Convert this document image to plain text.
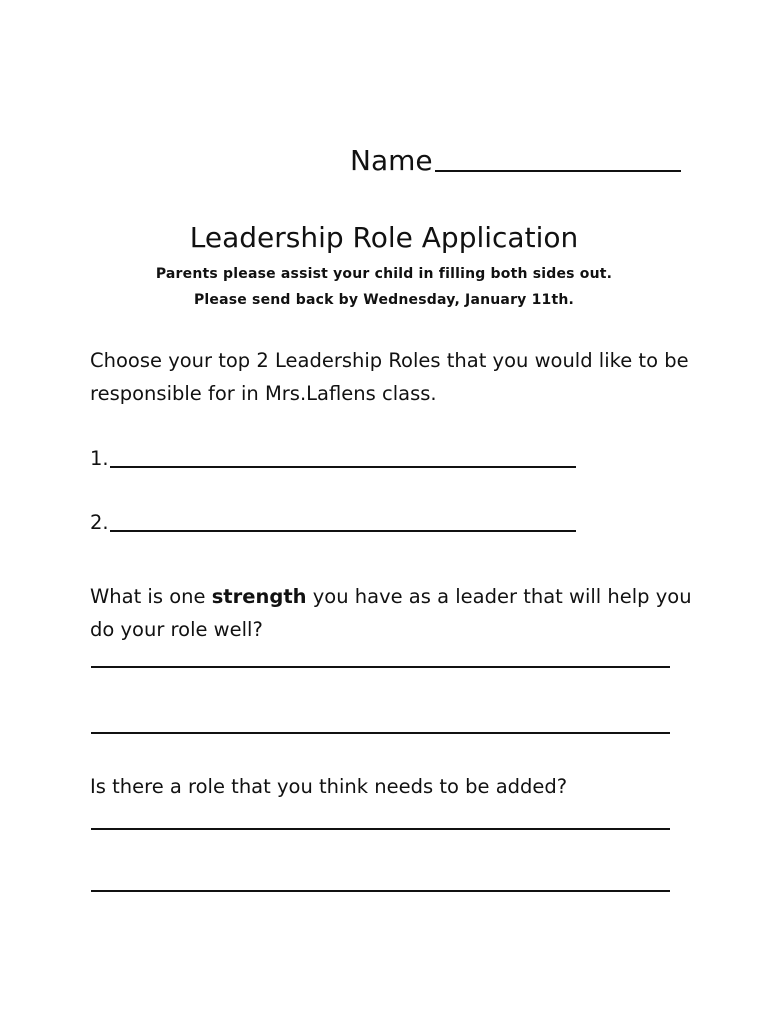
Name
Leadership Role Application
Parents please assist your child in filling both sides out.
Please send back by Wednesday, January 11th.
Choose your top 2 Leadership Roles that you would like to be responsible for in Mrs.Laflens class.
1.
2.
What is one strength you have as a leader that will help you do your role well?
Is there a role that you think needs to be added?
